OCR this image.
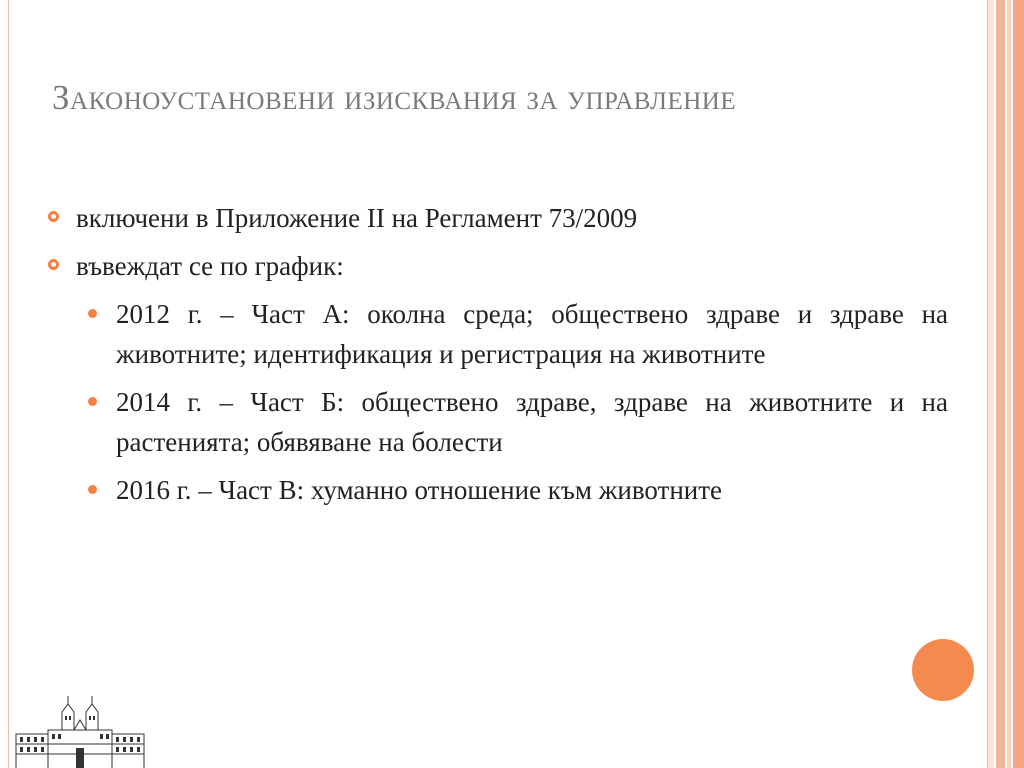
Законоустановени изисквания за управление
включени в Приложение II на Регламент 73/2009
въвеждат се по график:
2012 г. – Част А: околна среда; обществено здраве и здраве на животните; идентификация и регистрация на животните
2014 г. – Част Б: обществено здраве, здраве на животните и на растенията; обявяване на болести
2016 г. – Част В: хуманно отношение към животните
